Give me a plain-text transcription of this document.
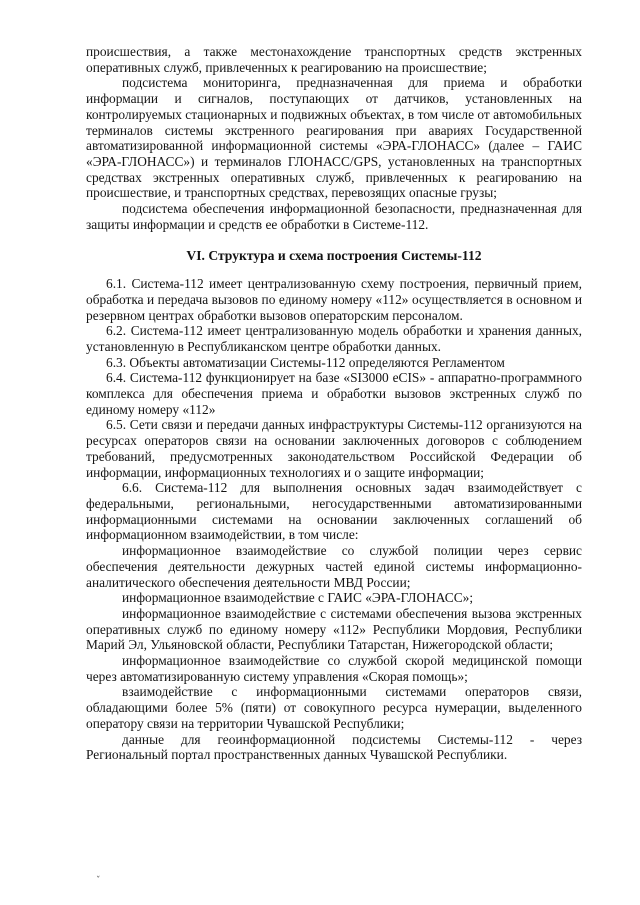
происшествия, а также местонахождение транспортных средств экстренных оперативных служб, привлеченных к реагированию на происшествие;

подсистема мониторинга, предназначенная для приема и обработки информации и сигналов, поступающих от датчиков, установленных на контролируемых стационарных и подвижных объектах, в том числе от автомобильных терминалов системы экстренного реагирования при авариях Государственной автоматизированной информационной системы «ЭРА-ГЛОНАСС» (далее – ГАИС «ЭРА-ГЛОНАСС») и терминалов ГЛОНАСС/GPS, установленных на транспортных средствах экстренных оперативных служб, привлеченных к реагированию на происшествие, и транспортных средствах, перевозящих опасные грузы;

подсистема обеспечения информационной безопасности, предназначенная для защиты информации и средств ее обработки в Системе-112.

VI. Структура и схема построения Системы-112

6.1. Система-112 имеет централизованную схему построения, первичный прием, обработка и передача вызовов по единому номеру «112» осуществляется в основном и резервном центрах обработки вызовов операторским персоналом.

6.2. Система-112 имеет централизованную модель обработки и хранения данных, установленную в Республиканском центре обработки данных.

6.3. Объекты автоматизации Системы-112 определяются Регламентом

6.4. Система-112 функционирует на базе «SI3000 eCIS» - аппаратно-программного комплекса для обеспечения приема и обработки вызовов экстренных служб по единому номеру «112»

6.5. Сети связи и передачи данных инфраструктуры Системы-112 организуются на ресурсах операторов связи на основании заключенных договоров с соблюдением требований, предусмотренных законодательством Российской Федерации об информации, информационных технологиях и о защите информации;

6.6. Система-112 для выполнения основных задач взаимодействует с федеральными, региональными, негосударственными автоматизированными информационными системами на основании заключенных соглашений об информационном взаимодействии, в том числе:

информационное взаимодействие со службой полиции через сервис обеспечения деятельности дежурных частей единой системы информационно-аналитического обеспечения деятельности МВД России;

информационное взаимодействие с ГАИС «ЭРА-ГЛОНАСС»;

информационное взаимодействие с системами обеспечения вызова экстренных оперативных служб по единому номеру «112» Республики Мордовия, Республики Марий Эл, Ульяновской области, Республики Татарстан, Нижегородской области;

информационное взаимодействие со службой скорой медицинской помощи через автоматизированную систему управления «Скорая помощь»;

взаимодействие с информационными системами операторов связи, обладающими более 5% (пяти) от совокупного ресурса нумерации, выделенного оператору связи на территории Чувашской Республики;

данные для геоинформационной подсистемы Системы-112 - через Региональный портал пространственных данных Чувашской Республики.

ˇ
